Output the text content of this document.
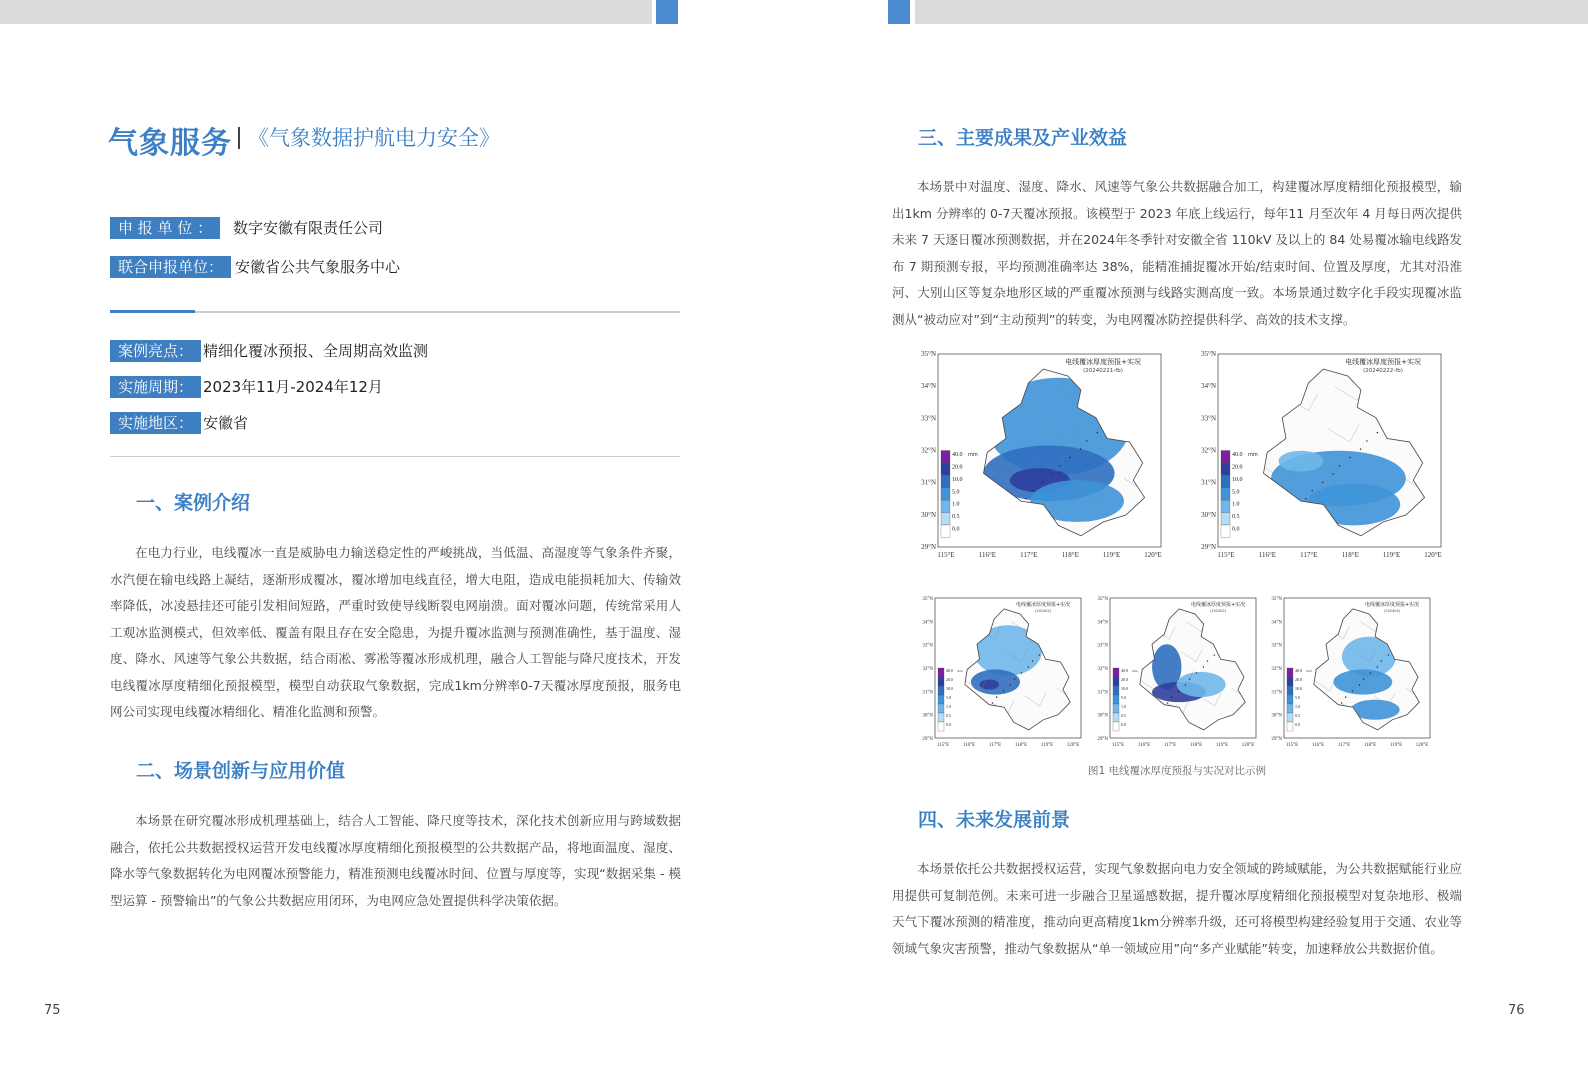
气象服务 《气象数据护航电力安全》
申 报 单 位 ：	数字安徽有限责任公司
联合申报单位： 安徽省公共气象服务中心
案例亮点： 精细化覆冰预报、全周期高效监测
实施周期： 2023年11月-2024年12月
实施地区： 安徽省
一、案例介绍
在电力行业，电线覆冰一直是威胁电力输送稳定性的严峻挑战，当低温、高湿度等气象条件齐聚，水汽便在输电线路上凝结，逐渐形成覆冰，覆冰增加电线直径，增大电阻，造成电能损耗加大、传输效率降低，冰凌悬挂还可能引发相间短路，严重时致使导线断裂电网崩溃。面对覆冰问题，传统常采用人工观冰监测模式，但效率低、覆盖有限且存在安全隐患，为提升覆冰监测与预测准确性，基于温度、湿度、降水、风速等气象公共数据，结合雨凇、雾凇等覆冰形成机理，融合人工智能与降尺度技术，开发电线覆冰厚度精细化预报模型，模型自动获取气象数据，完成1km分辨率0-7天覆冰厚度预报，服务电网公司实现电线覆冰精细化、精准化监测和预警。
二、场景创新与应用价值
本场景在研究覆冰形成机理基础上，结合人工智能、降尺度等技术，深化技术创新应用与跨域数据融合，依托公共数据授权运营开发电线覆冰厚度精细化预报模型的公共数据产品，将地面温度、湿度、降水等气象数据转化为电网覆冰预警能力，精准预测电线覆冰时间、位置与厚度等，实现“数据采集 - 模型运算 - 预警输出”的气象公共数据应用闭环，为电网应急处置提供科学决策依据。
75
三、主要成果及产业效益
本场景中对温度、湿度、降水、风速等气象公共数据融合加工，构建覆冰厚度精细化预报模型，输出1km 分辨率的 0-7天覆冰预报。该模型于 2023 年底上线运行，每年11 月至次年 4 月每日两次提供未来 7 天逐日覆冰预测数据，并在2024年冬季针对安徽全省 110kV 及以上的 84 处易覆冰输电线路发布 7 期预测专报，平均预测准确率达 38%，能精准捕捉覆冰开始/结束时间、位置及厚度，尤其对沿淮河、大别山区等复杂地形区域的严重覆冰预测与线路实测高度一致。本场景通过数字化手段实现覆冰监测从“被动应对”到“主动预判”的转变，为电网覆冰防控提供科学、高效的技术支撑。
35°N
34°N
33°N
32°N
31°N
30°N
29°N
115°E	116°E	117°E	118°E	119°E	120°E
电线覆冰厚度预报+实况
(20240221-fb)
40.0
20.0
10.0
5.0
1.0
0.5
0.0
mm
35°N
34°N
33°N
32°N
31°N
30°N
29°N
115°E	116°E	117°E	118°E	119°E	120°E
电线覆冰厚度预报+实况
(20240222-fb)
40.0
20.0
10.0
5.0
1.0
0.5
0.0
mm
35°N
34°N
33°N
32°N
31°N
30°N
29°N
115°E	116°E	117°E	118°E	119°E	120°E
电线覆冰厚度预报+实况
(202402)
40.0
20.0
10.0
5.0
1.0
0.5
0.0
mm
35°N
34°N
33°N
32°N
31°N
30°N
29°N
115°E	116°E	117°E	118°E	119°E	120°E
电线覆冰厚度预报+实况
(202402)
40.0
20.0
10.0
5.0
1.0
0.5
0.0
mm
35°N
34°N
33°N
32°N
31°N
30°N
29°N
115°E	116°E	117°E	118°E	119°E	120°E
电线覆冰厚度预报+实况
(202404)
40.0
20.0
10.0
5.0
1.0
0.5
0.0
mm
图1 电线覆冰厚度预报与实况对比示例
四、未来发展前景
本场景依托公共数据授权运营，实现气象数据向电力安全领域的跨域赋能，为公共数据赋能行业应用提供可复制范例。未来可进一步融合卫星遥感数据，提升覆冰厚度精细化预报模型对复杂地形、极端天气下覆冰预测的精准度，推动向更高精度1km分辨率升级，还可将模型构建经验复用于交通、农业等领域气象灾害预警，推动气象数据从“单一领域应用”向“多产业赋能”转变，加速释放公共数据价值。
76
